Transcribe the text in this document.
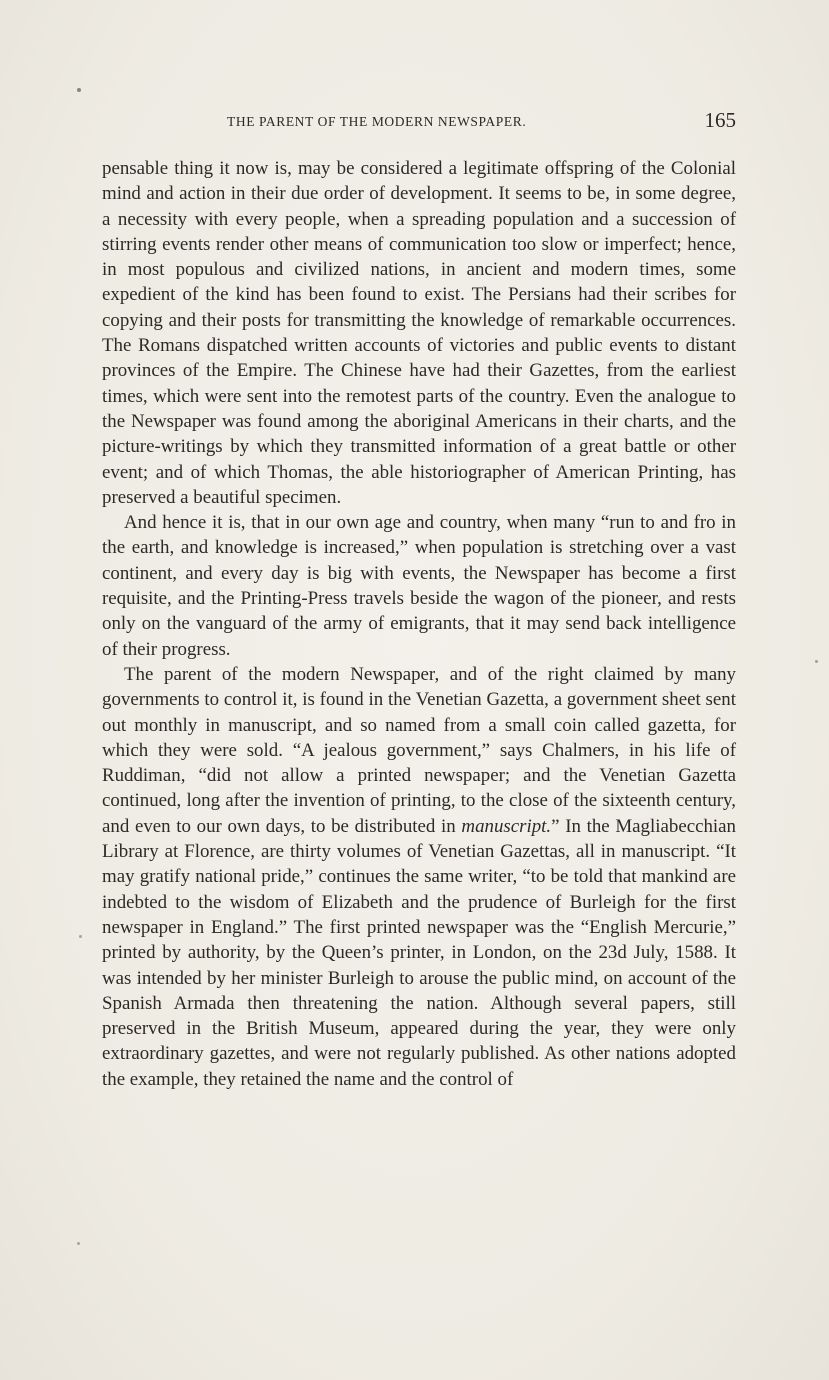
THE PARENT OF THE MODERN NEWSPAPER.	165

pensable thing it now is, may be considered a legitimate offspring of the Colonial mind and action in their due order of development. It seems to be, in some degree, a necessity with every people, when a spreading population and a succession of stirring events render other means of communication too slow or imperfect; hence, in most populous and civilized nations, in ancient and modern times, some expedient of the kind has been found to exist. The Persians had their scribes for copying and their posts for transmitting the knowledge of remarkable occurrences. The Romans dispatched written accounts of victories and public events to distant provinces of the Empire. The Chinese have had their Gazettes, from the earliest times, which were sent into the remotest parts of the country. Even the analogue to the Newspaper was found among the aboriginal Americans in their charts, and the picture-writings by which they transmitted information of a great battle or other event; and of which Thomas, the able historiographer of American Printing, has preserved a beautiful specimen.

And hence it is, that in our own age and country, when many “run to and fro in the earth, and knowledge is increased,” when population is stretching over a vast continent, and every day is big with events, the Newspaper has become a first requisite, and the Printing-Press travels beside the wagon of the pioneer, and rests only on the vanguard of the army of emigrants, that it may send back intelligence of their progress.

The parent of the modern Newspaper, and of the right claimed by many governments to control it, is found in the Venetian Gazetta, a government sheet sent out monthly in manuscript, and so named from a small coin called gazetta, for which they were sold. “A jealous government,” says Chalmers, in his life of Ruddiman, “did not allow a printed newspaper; and the Venetian Gazetta continued, long after the invention of printing, to the close of the sixteenth century, and even to our own days, to be distributed in manuscript.” In the Magliabecchian Library at Florence, are thirty volumes of Venetian Gazettas, all in manuscript. “It may gratify national pride,” continues the same writer, “to be told that mankind are indebted to the wisdom of Elizabeth and the prudence of Burleigh for the first newspaper in England.” The first printed newspaper was the “English Mercurie,” printed by authority, by the Queen’s printer, in London, on the 23d July, 1588. It was intended by her minister Burleigh to arouse the public mind, on account of the Spanish Armada then threatening the nation. Although several papers, still preserved in the British Museum, appeared during the year, they were only extraordinary gazettes, and were not regularly published. As other nations adopted the example, they retained the name and the control of
